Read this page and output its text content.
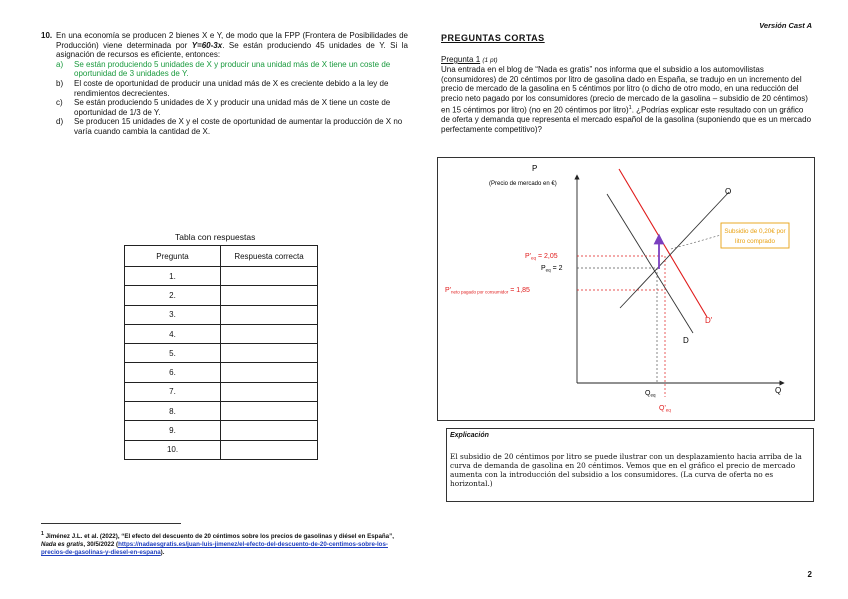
Versión Cast A
10. En una economía se producen 2 bienes X e Y, de modo que la FPP (Frontera de Posibilidades de Producción) viene determinada por Y=60-3x. Se están produciendo 45 unidades de Y. Si la asignación de recursos es eficiente, entonces:
a) Se están produciendo 5 unidades de X y producir una unidad más de X tiene un coste de oportunidad de 3 unidades de Y.
b) El coste de oportunidad de producir una unidad más de X es creciente debido a la ley de rendimientos decrecientes.
c) Se están produciendo 5 unidades de X y producir una unidad más de X tiene un coste de oportunidad de 1/3 de Y.
d) Se producen 15 unidades de X y el coste de oportunidad de aumentar la producción de X no varía cuando cambia la cantidad de X.
Tabla con respuestas
Pregunta	Respuesta correcta
1.	
2.	
3.	
4.	
5.	
6.	
7.	
8.	
9.	
10.	
$^1$ Jiménez J.L. et al. (2022), “El efecto del descuento de 20 céntimos sobre los precios de gasolinas y diésel en España”, Nada es gratis, 30/5/2022 (https://nadaesgratis.es/juan-luis-jimenez/el-efecto-del-descuento-de-20-centimos-sobre-los-precios-de-gasolinas-y-diesel-en-espana).
PREGUNTAS CORTAS
Pregunta 1 (1 pt)
Una entrada en el blog de “Nada es gratis” nos informa que el subsidio a los automovilistas (consumidores) de 20 céntimos por litro de gasolina dado en España, se tradujo en un incremento del precio de mercado de la gasolina en 5 céntimos por litro (o dicho de otro modo, en una reducción del precio neto pagado por los consumidores (precio de mercado de la gasolina – subsidio de 20 céntimos) en 15 céntimos por litro) (no en 20 céntimos por litro)$^1$. ¿Podrías explicar este resultado con un gráfico de oferta y demanda que representa el mercado español de la gasolina (suponiendo que es un mercado perfectamente competitivo)?
P
(Precio de mercado en €)
Q
O
D
D'
Subsidio de 0,20€ por
litro comprado
$P'_{eq} = 2,05$
$P_{eq} = 2$
$P'_{neto pagado por consumidor} = 1,85$
$Q_{eq}$
$Q'_{eq}$
Explicación
El subsidio de 20 céntimos por litro se puede ilustrar con un desplazamiento hacia arriba de la curva de demanda de gasolina en 20 céntimos. Vemos que en el gráfico el precio de mercado aumenta con la introducción del subsidio a los consumidores. (La curva de oferta no es horizontal.)
2
